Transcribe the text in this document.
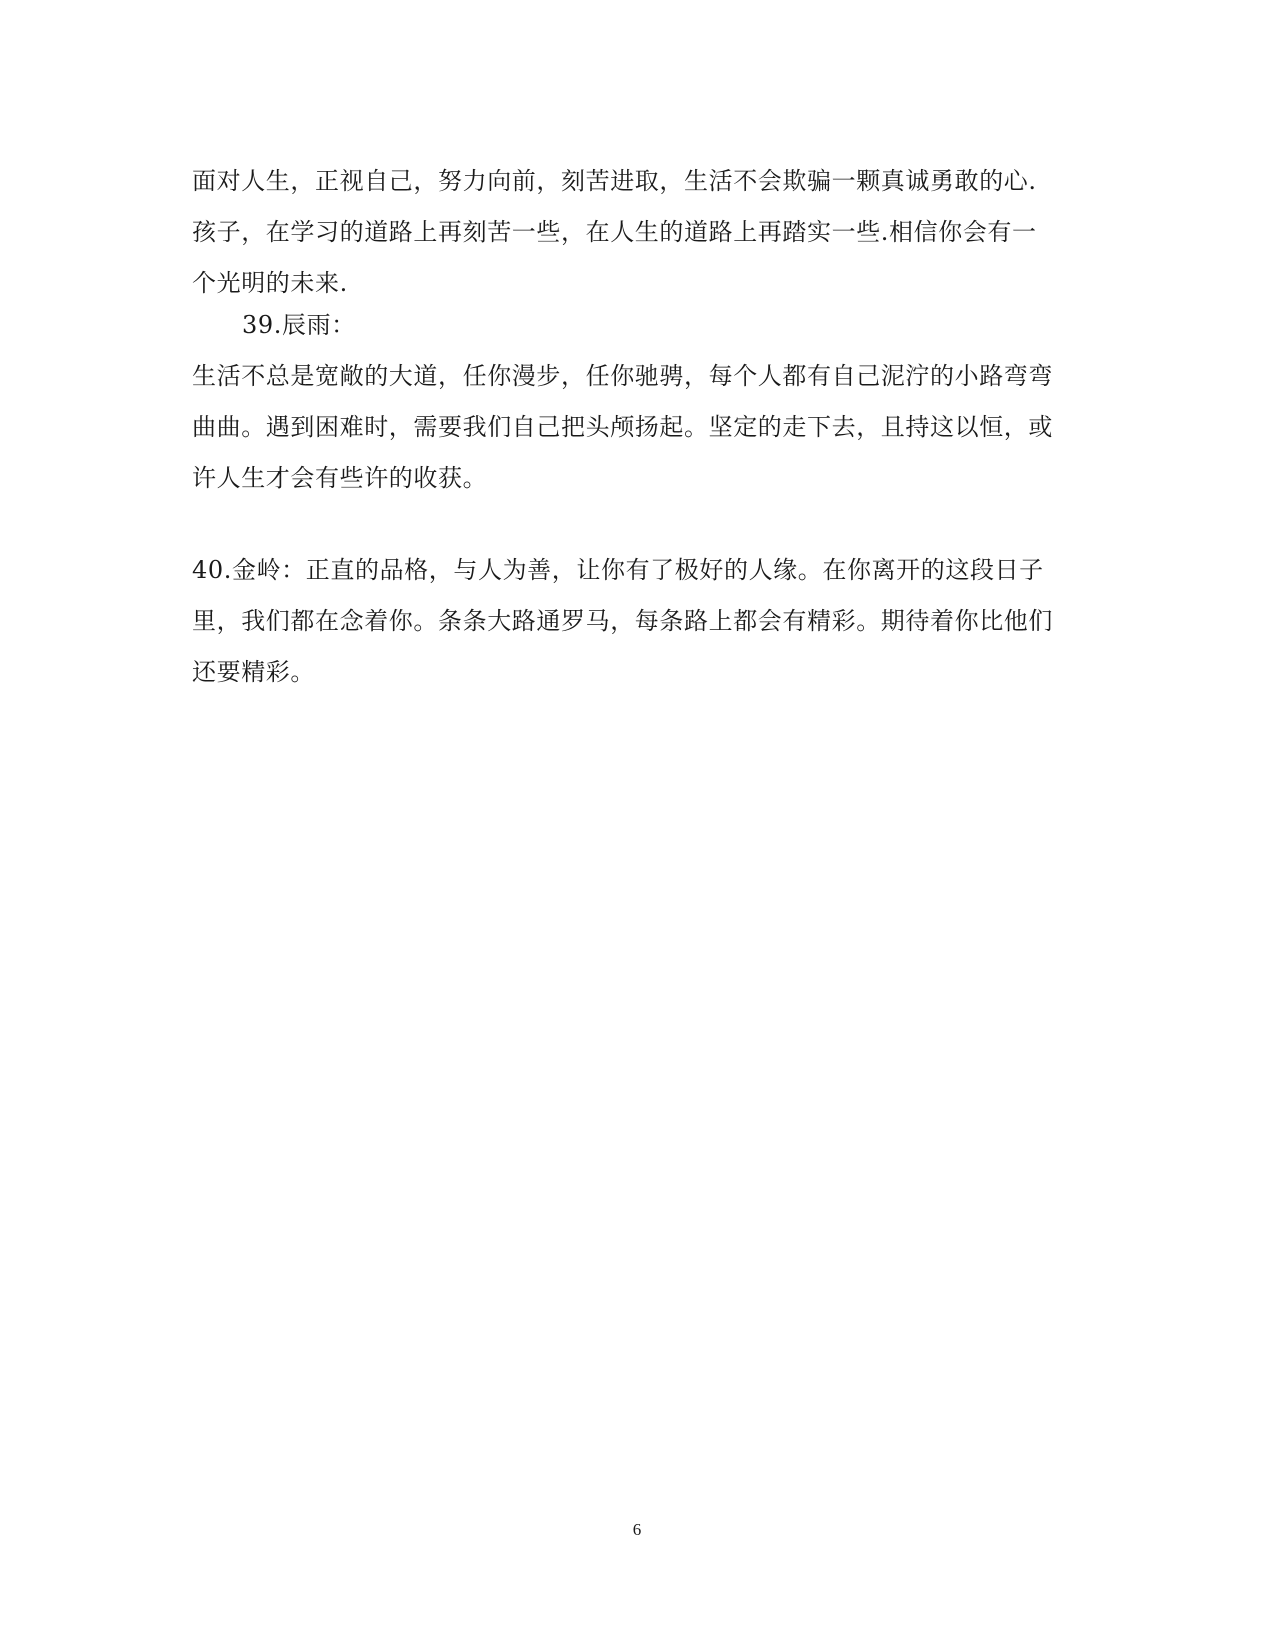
面对人生，正视自己，努力向前，刻苦进取，生活不会欺骗一颗真诚勇敢的心.
孩子，在学习的道路上再刻苦一些，在人生的道路上再踏实一些.相信你会有一
个光明的未来.
39.辰雨：
生活不总是宽敞的大道，任你漫步，任你驰骋，每个人都有自己泥泞的小路弯弯
曲曲。遇到困难时，需要我们自己把头颅扬起。坚定的走下去，且持这以恒，或
许人生才会有些许的收获。
40.金岭：正直的品格，与人为善，让你有了极好的人缘。在你离开的这段日子
里，我们都在念着你。条条大路通罗马，每条路上都会有精彩。期待着你比他们
还要精彩。
6
